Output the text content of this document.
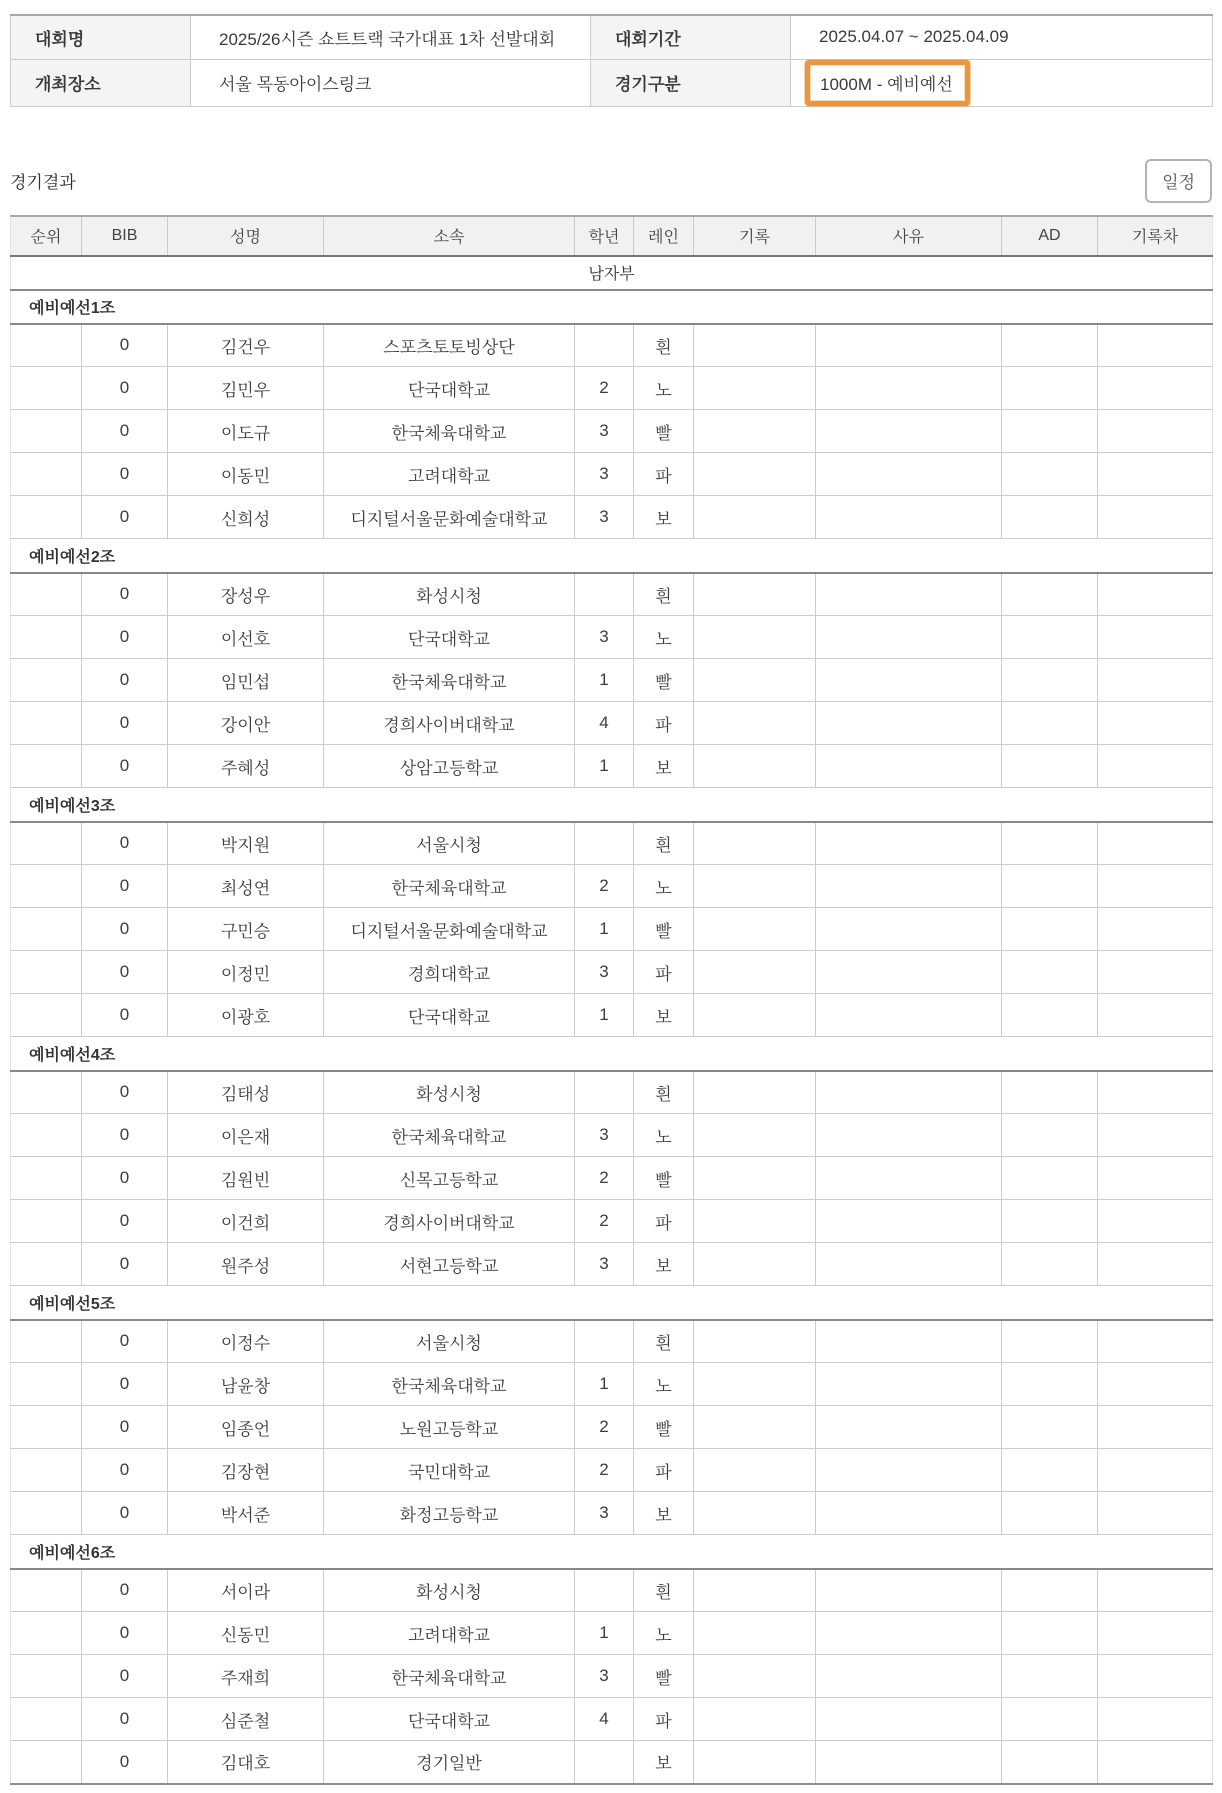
대회명	2025/26시즌 쇼트트랙 국가대표 1차 선발대회	대회기간	2025.04.07 ~ 2025.04.09
개최장소	서울 목동아이스링크	경기구분	1000M - 예비예선
경기결과	일정
순위	BIB	성명	소속	학년	레인	기록	사유	AD	기록차
남자부									
예비예선1조									
	0	김건우	스포츠토토빙상단		흰				
	0	김민우	단국대학교	2	노				
	0	이도규	한국체육대학교	3	빨				
	0	이동민	고려대학교	3	파				
	0	신희성	디지털서울문화예술대학교	3	보				
예비예선2조									
	0	장성우	화성시청		흰				
	0	이선호	단국대학교	3	노				
	0	임민섭	한국체육대학교	1	빨				
	0	강이안	경희사이버대학교	4	파				
	0	주혜성	상암고등학교	1	보				
예비예선3조									
	0	박지원	서울시청		흰				
	0	최성연	한국체육대학교	2	노				
	0	구민승	디지털서울문화예술대학교	1	빨				
	0	이정민	경희대학교	3	파				
	0	이광호	단국대학교	1	보				
예비예선4조									
	0	김태성	화성시청		흰				
	0	이은재	한국체육대학교	3	노				
	0	김원빈	신목고등학교	2	빨				
	0	이건희	경희사이버대학교	2	파				
	0	원주성	서현고등학교	3	보				
예비예선5조									
	0	이정수	서울시청		흰				
	0	남윤창	한국체육대학교	1	노				
	0	임종언	노원고등학교	2	빨				
	0	김장현	국민대학교	2	파				
	0	박서준	화정고등학교	3	보				
예비예선6조									
	0	서이라	화성시청		흰				
	0	신동민	고려대학교	1	노				
	0	주재희	한국체육대학교	3	빨				
	0	심준철	단국대학교	4	파				
	0	김대호	경기일반		보				
